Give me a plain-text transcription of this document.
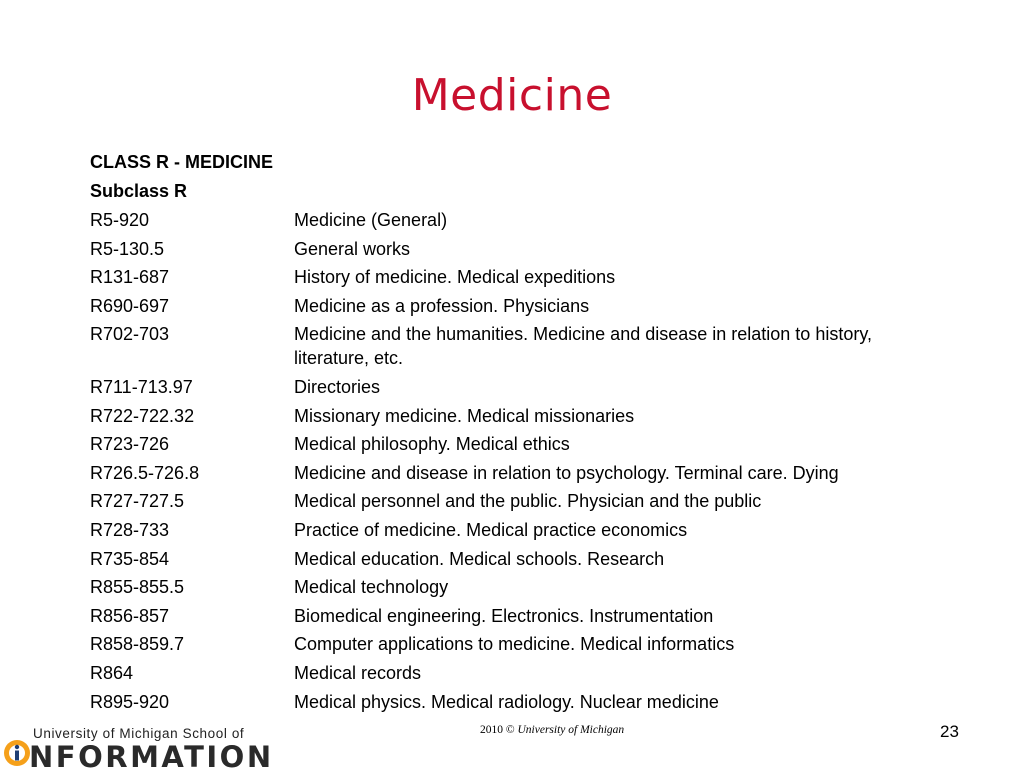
Medicine
CLASS R - MEDICINE
Subclass R
R5-920	Medicine (General)
R5-130.5	General works
R131-687	History of medicine. Medical expeditions
R690-697	Medicine as a profession. Physicians
R702-703	Medicine and the humanities. Medicine and disease in relation to history, literature, etc.
R711-713.97	Directories
R722-722.32	Missionary medicine. Medical missionaries
R723-726	Medical philosophy. Medical ethics
R726.5-726.8	Medicine and disease in relation to psychology. Terminal care. Dying
R727-727.5	Medical personnel and the public. Physician and the public
R728-733	Practice of medicine. Medical practice economics
R735-854	Medical education. Medical schools. Research
R855-855.5	Medical technology
R856-857	Biomedical engineering. Electronics. Instrumentation
R858-859.7	Computer applications to medicine. Medical informatics
R864	Medical records
R895-920	Medical physics. Medical radiology. Nuclear medicine
University of Michigan School of
NFORMATION
2010 © University of Michigan	23
